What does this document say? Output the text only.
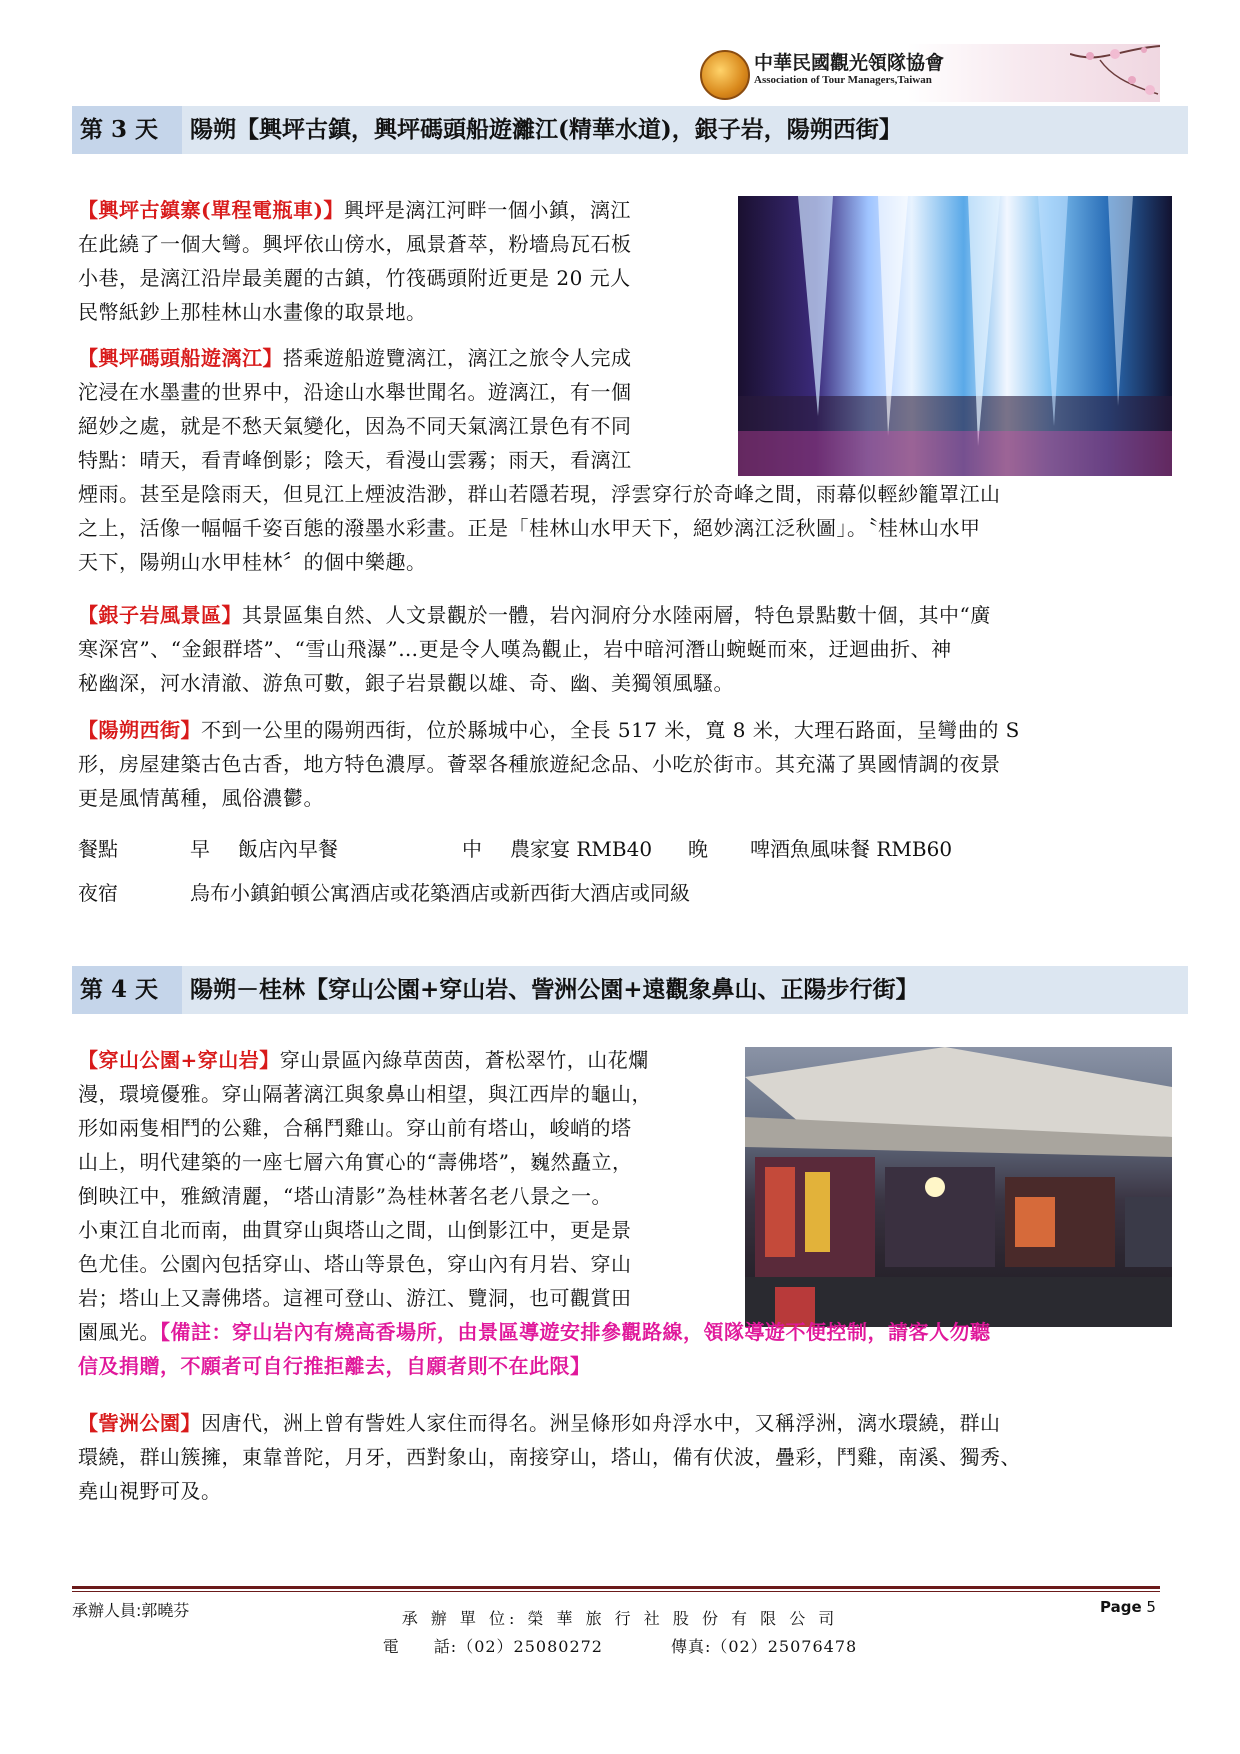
中華民國觀光領隊協會
Association of Tour Managers,Taiwan
第 3 天	陽朔【興坪古鎮，興坪碼頭船遊灕江(精華水道)，銀子岩，陽朔西街】
【興坪古鎮寨(單程電瓶車)】興坪是漓江河畔一個小鎮，漓江
在此繞了一個大彎。興坪依山傍水，風景蒼萃，粉墻烏瓦石板
小巷，是漓江沿岸最美麗的古鎮，竹筏碼頭附近更是 20 元人
民幣紙鈔上那桂林山水畫像的取景地。
【興坪碼頭船遊漓江】搭乘遊船遊覽漓江，漓江之旅令人完成
沱浸在水墨畫的世界中，沿途山水舉世聞名。遊漓江，有一個
絕妙之處，就是不愁天氣變化，因為不同天氣漓江景色有不同
特點：晴天，看青峰倒影；陰天，看漫山雲霧；雨天，看漓江
煙雨。甚至是陰雨天，但見江上煙波浩渺，群山若隱若現，浮雲穿行於奇峰之間，雨幕似輕紗籠罩江山
之上，活像一幅幅千姿百態的潑墨水彩畫。正是「桂林山水甲天下，絕妙漓江泛秋圖」。〝桂林山水甲
天下，陽朔山水甲桂林〞的個中樂趣。
【銀子岩風景區】其景區集自然、人文景觀於一體，岩內洞府分水陸兩層，特色景點數十個，其中“廣
寒深宮”、“金銀群塔”、“雪山飛瀑”…更是令人嘆為觀止，岩中暗河潛山蜿蜒而來，迂迴曲折、神
秘幽深，河水清澈、游魚可數，銀子岩景觀以雄、奇、幽、美獨領風騷。
【陽朔西街】不到一公里的陽朔西街，位於縣城中心，全長 517 米，寬 8 米，大理石路面，呈彎曲的 S
形，房屋建築古色古香，地方特色濃厚。薈翠各種旅遊紀念品、小吃於街市。其充滿了異國情調的夜景
更是風情萬種，風俗濃鬱。
餐點	早 飯店內早餐	中 農家宴 RMB40 晚 啤酒魚風味餐 RMB60
夜宿	烏布小鎮鉑頓公寓酒店或花築酒店或新西街大酒店或同級
第 4 天	陽朔－桂林【穿山公園+穿山岩、訾洲公園+遠觀象鼻山、正陽步行街】
【穿山公園+穿山岩】穿山景區內綠草茵茵，蒼松翠竹，山花爛
漫，環境優雅。穿山隔著漓江與象鼻山相望，與江西岸的龜山，
形如兩隻相鬥的公雞，合稱鬥雞山。穿山前有塔山，峻峭的塔
山上，明代建築的一座七層六角實心的“壽佛塔”，巍然矗立，
倒映江中，雅緻清麗，“塔山清影”為桂林著名老八景之一。
小東江自北而南，曲貫穿山與塔山之間，山倒影江中，更是景
色尤佳。公園內包括穿山、塔山等景色，穿山內有月岩、穿山
岩；塔山上又壽佛塔。這裡可登山、游江、覽洞，也可觀賞田
園風光。【備註：穿山岩內有燒高香場所，由景區導遊安排參觀路線，領隊導遊不便控制，請客人勿聽
信及捐贈，不願者可自行推拒離去，自願者則不在此限】
【訾洲公園】因唐代，洲上曾有訾姓人家住而得名。洲呈條形如舟浮水中，又稱浮洲，漓水環繞，群山
環繞，群山簇擁，東靠普陀，月牙，西對象山，南接穿山，塔山，備有伏波，疊彩，鬥雞，南溪、獨秀、
堯山視野可及。
承辦人員:郭曉芬	承 辦 單 位: 榮 華 旅 行 社 股 份 有 限 公 司
電　　話:（02）25080272　　　　傳真:（02）25076478
Page 5
